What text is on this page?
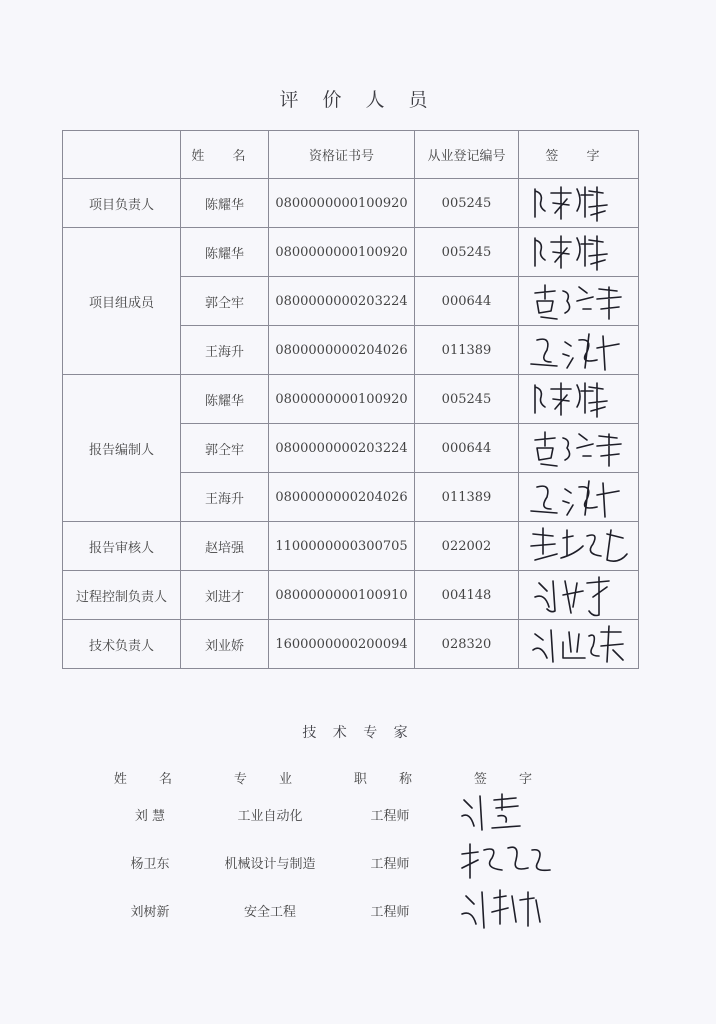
评 价 人 员
	姓 名	资格证书号	从业登记编号	签 字
项目负责人	陈耀华	0800000000100920	005245	

项目组成员	陈耀华	0800000000100920	005245	

	郭仝牢	0800000000203224	000644	

	王海升	0800000000204026	011389	

报告编制人	陈耀华	0800000000100920	005245	

	郭仝牢	0800000000203224	000644	

	王海升	0800000000204026	011389	

报告审核人	赵培强	1100000000300705	022002	

过程控制负责人	刘进才	0800000000100910	004148	

技术负责人	刘业娇	1600000000200094	028320	
技 术 专 家
姓 名	专 业	职 称	签 字
刘 慧	工业自动化	工程师	
杨卫东	机械设计与制造	工程师	
刘树新	安全工程	工程师	
